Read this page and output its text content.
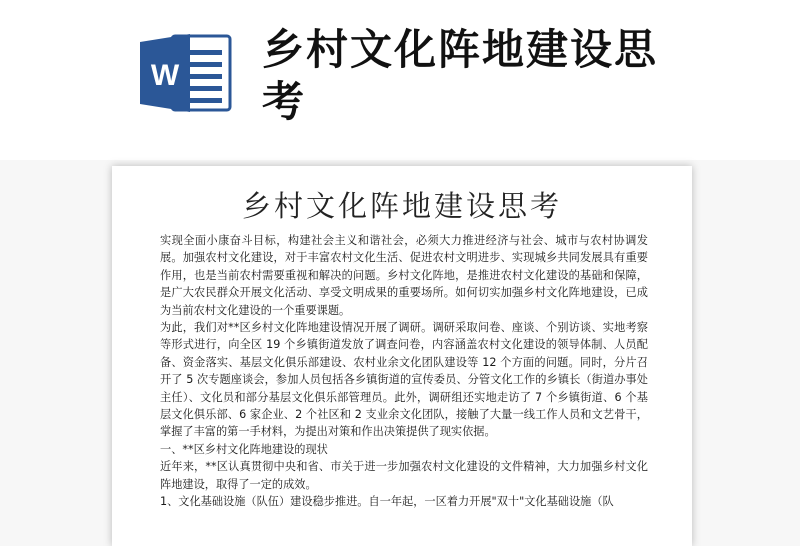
W
乡村文化阵地建设思考
乡村文化阵地建设思考

实现全面小康奋斗目标，构建社会主义和谐社会，必须大力推进经济与社会、城市与农村协调发展。加强农村文化建设，对于丰富农村文化生活、促进农村文明进步、实现城乡共同发展具有重要作用，也是当前农村需要重视和解决的问题。乡村文化阵地，是推进农村文化建设的基础和保障，是广大农民群众开展文化活动、享受文明成果的重要场所。如何切实加强乡村文化阵地建设，已成为当前农村文化建设的一个重要课题。

为此，我们对**区乡村文化阵地建设情况开展了调研。调研采取问卷、座谈、个别访谈、实地考察等形式进行，向全区 19 个乡镇街道发放了调查问卷，内容涵盖农村文化建设的领导体制、人员配备、资金落实、基层文化俱乐部建设、农村业余文化团队建设等 12 个方面的问题。同时，分片召开了 5 次专题座谈会，参加人员包括各乡镇街道的宣传委员、分管文化工作的乡镇长（街道办事处主任）、文化员和部分基层文化俱乐部管理员。此外，调研组还实地走访了 7 个乡镇街道、6 个基层文化俱乐部、6 家企业、2 个社区和 2 支业余文化团队，接触了大量一线工作人员和文艺骨干，掌握了丰富的第一手材料，为提出对策和作出决策提供了现实依据。

一、**区乡村文化阵地建设的现状

近年来，**区认真贯彻中央和省、市关于进一步加强农村文化建设的文件精神，大力加强乡村文化阵地建设，取得了一定的成效。

1、文化基础设施（队伍）建设稳步推进。自一年起，一区着力开展"双十"文化基础设施（队
